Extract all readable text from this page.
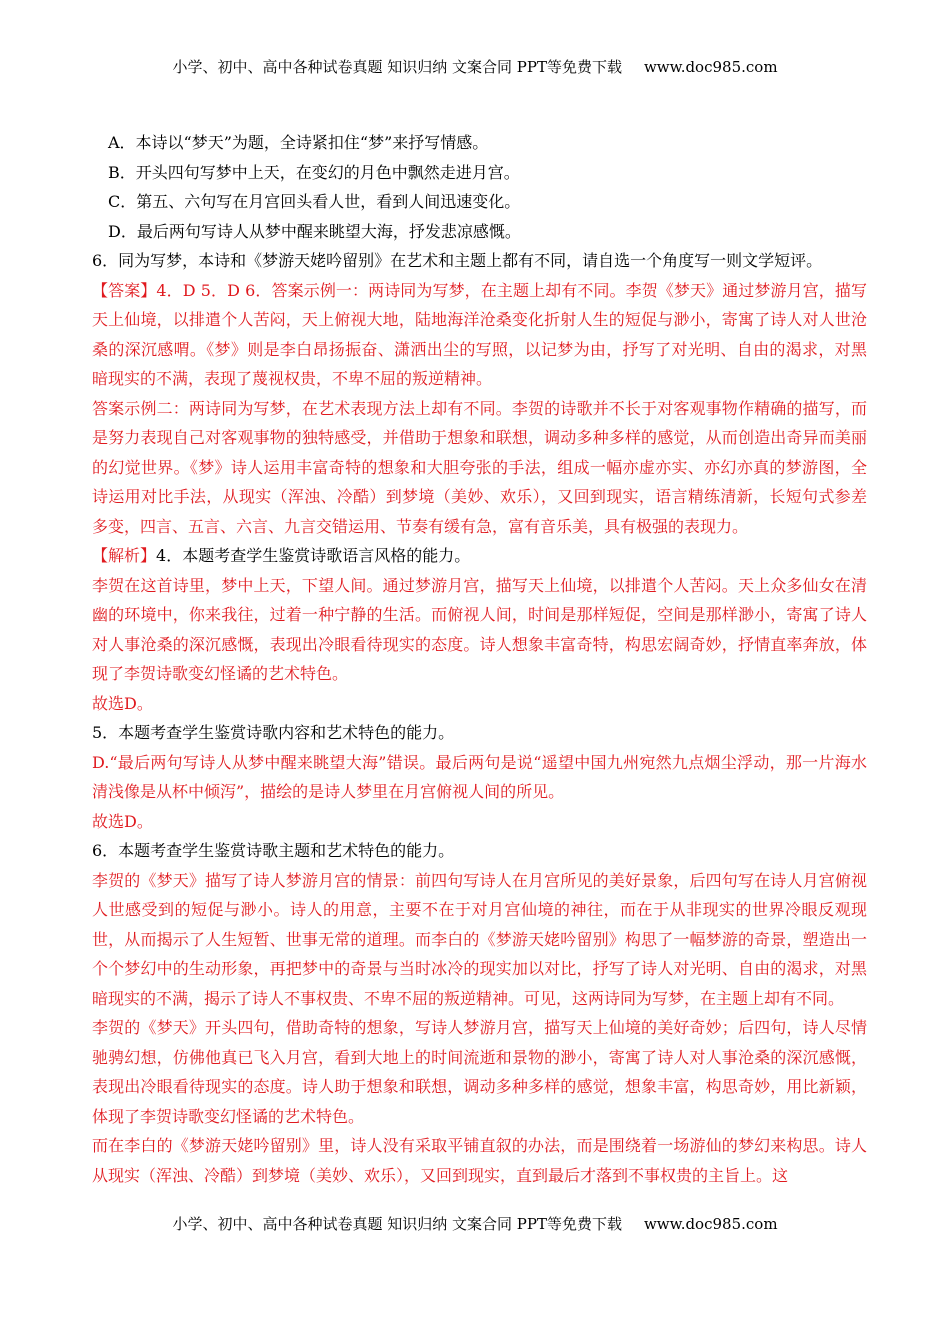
小学、初中、高中各种试卷真题 知识归纳 文案合同 PPT等免费下载 www.doc985.com
A．本诗以“梦天”为题，全诗紧扣住“梦”来抒写情感。
B．开头四句写梦中上天，在变幻的月色中飘然走进月宫。
C．第五、六句写在月宫回头看人世，看到人间迅速变化。
D．最后两句写诗人从梦中醒来眺望大海，抒发悲凉感慨。
6．同为写梦，本诗和《梦游天姥吟留别》在艺术和主题上都有不同，请自选一个角度写一则文学短评。
【答案】4．D 5．D 6．答案示例一：两诗同为写梦，在主题上却有不同。李贺《梦天》通过梦游月宫，描写天上仙境，以排遣个人苦闷，天上俯视大地，陆地海洋沧桑变化折射人生的短促与渺小，寄寓了诗人对人世沧桑的深沉感喟。《梦》则是李白昂扬振奋、潇洒出尘的写照，以记梦为由，抒写了对光明、自由的渴求，对黑暗现实的不满，表现了蔑视权贵，不卑不屈的叛逆精神。
答案示例二：两诗同为写梦，在艺术表现方法上却有不同。李贺的诗歌并不长于对客观事物作精确的描写，而是努力表现自己对客观事物的独特感受，并借助于想象和联想，调动多种多样的感觉，从而创造出奇异而美丽的幻觉世界。《梦》诗人运用丰富奇特的想象和大胆夸张的手法，组成一幅亦虚亦实、亦幻亦真的梦游图，全诗运用对比手法，从现实（浑浊、冷酷）到梦境（美妙、欢乐），又回到现实，语言精练清新，长短句式参差多变，四言、五言、六言、九言交错运用、节奏有缓有急，富有音乐美，具有极强的表现力。
【解析】4．本题考查学生鉴赏诗歌语言风格的能力。
李贺在这首诗里，梦中上天，下望人间。通过梦游月宫，描写天上仙境，以排遣个人苦闷。天上众多仙女在清幽的环境中，你来我往，过着一种宁静的生活。而俯视人间，时间是那样短促，空间是那样渺小，寄寓了诗人对人事沧桑的深沉感慨，表现出冷眼看待现实的态度。诗人想象丰富奇特，构思宏阔奇妙，抒情直率奔放，体现了李贺诗歌变幻怪谲的艺术特色。
故选D。
5．本题考查学生鉴赏诗歌内容和艺术特色的能力。
D.“最后两句写诗人从梦中醒来眺望大海”错误。最后两句是说“遥望中国九州宛然九点烟尘浮动，那一片海水清浅像是从杯中倾泻”，描绘的是诗人梦里在月宫俯视人间的所见。
故选D。
6．本题考查学生鉴赏诗歌主题和艺术特色的能力。
李贺的《梦天》描写了诗人梦游月宫的情景：前四句写诗人在月宫所见的美好景象，后四句写在诗人月宫俯视人世感受到的短促与渺小。诗人的用意，主要不在于对月宫仙境的神往，而在于从非现实的世界冷眼反观现世，从而揭示了人生短暂、世事无常的道理。而李白的《梦游天姥吟留别》构思了一幅梦游的奇景，塑造出一个个梦幻中的生动形象，再把梦中的奇景与当时冰冷的现实加以对比，抒写了诗人对光明、自由的渴求，对黑暗现实的不满，揭示了诗人不事权贵、不卑不屈的叛逆精神。可见，这两诗同为写梦，在主题上却有不同。
李贺的《梦天》开头四句，借助奇特的想象，写诗人梦游月宫，描写天上仙境的美好奇妙；后四句，诗人尽情驰骋幻想，仿佛他真已飞入月宫，看到大地上的时间流逝和景物的渺小，寄寓了诗人对人事沧桑的深沉感慨，表现出冷眼看待现实的态度。诗人助于想象和联想，调动多种多样的感觉，想象丰富，构思奇妙，用比新颖，体现了李贺诗歌变幻怪谲的艺术特色。
而在李白的《梦游天姥吟留别》里，诗人没有采取平铺直叙的办法，而是围绕着一场游仙的梦幻来构思。诗人从现实（浑浊、冷酷）到梦境（美妙、欢乐），又回到现实，直到最后才落到不事权贵的主旨上。这
小学、初中、高中各种试卷真题 知识归纳 文案合同 PPT等免费下载 www.doc985.com
